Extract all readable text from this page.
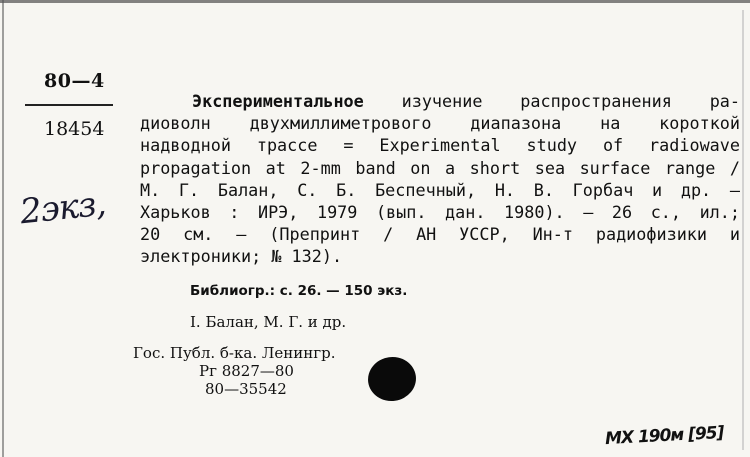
80—4
18454
2экз,

Экспериментальное изучение распространения ра-
диоволн двухмиллиметрового диапазона на короткой
надводной трассе = Experimental study of radiowave
propagation at 2-mm band on a short sea surface range /
М. Г. Балан, С. Б. Беспечный, Н. В. Горбач и др. —
Харьков : ИРЭ, 1979 (вып. дан. 1980). — 26 с., ил.;
20 см. — (Препринт / АН УССР, Ин-т радиофизики и
электроники; № 132).

Библиогр.: с. 26. — 150 экз.
I. Балан, М. Г. и др.
Гос. Публ. б-ка. Ленингр.
Рг 8827—80
80—35542
МХ 190м [95]
